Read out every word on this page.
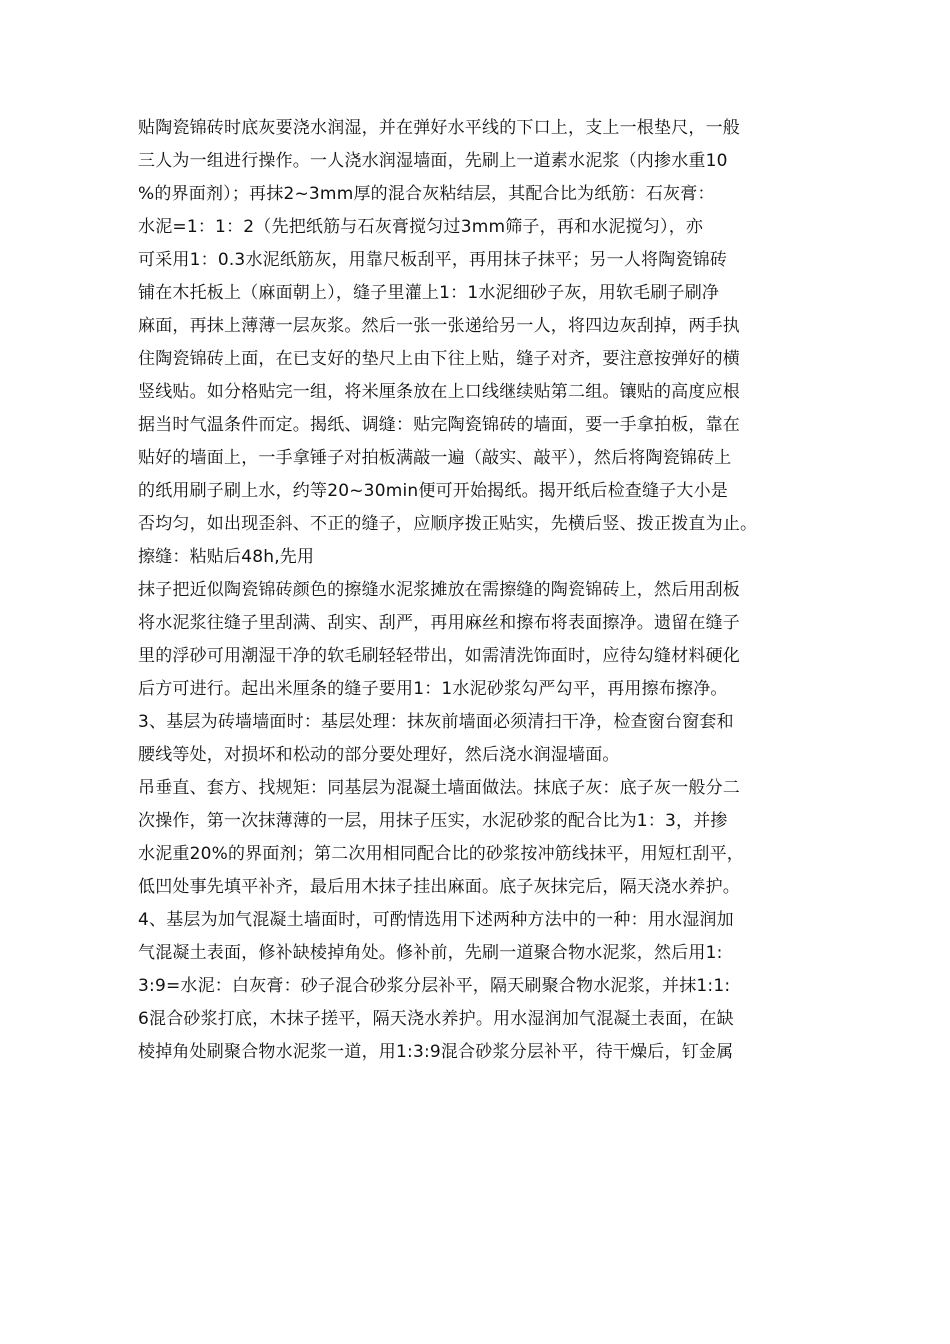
贴陶瓷锦砖时底灰要浇水润湿，并在弹好水平线的下口上，支上一根垫尺，一般
三人为一组进行操作。一人浇水润湿墙面，先刷上一道素水泥浆（内掺水重10
%的界面剂）；再抹2~3mm厚的混合灰粘结层，其配合比为纸筋：石灰膏：
水泥=1：1：2（先把纸筋与石灰膏搅匀过3mm筛子，再和水泥搅匀），亦
可采用1：0.3水泥纸筋灰，用靠尺板刮平，再用抹子抹平；另一人将陶瓷锦砖
铺在木托板上（麻面朝上），缝子里灌上1：1水泥细砂子灰，用软毛刷子刷净
麻面，再抹上薄薄一层灰浆。然后一张一张递给另一人，将四边灰刮掉，两手执
住陶瓷锦砖上面，在已支好的垫尺上由下往上贴，缝子对齐，要注意按弹好的横
竖线贴。如分格贴完一组，将米厘条放在上口线继续贴第二组。镶贴的高度应根
据当时气温条件而定。揭纸、调缝：贴完陶瓷锦砖的墙面，要一手拿拍板，靠在
贴好的墙面上，一手拿锤子对拍板满敲一遍（敲实、敲平），然后将陶瓷锦砖上
的纸用刷子刷上水，约等20~30min便可开始揭纸。揭开纸后检查缝子大小是
否均匀，如出现歪斜、不正的缝子，应顺序拨正贴实，先横后竖、拨正拨直为止。
擦缝：粘贴后48h,先用
抹子把近似陶瓷锦砖颜色的擦缝水泥浆摊放在需擦缝的陶瓷锦砖上，然后用刮板
将水泥浆往缝子里刮满、刮实、刮严，再用麻丝和擦布将表面擦净。遗留在缝子
里的浮砂可用潮湿干净的软毛刷轻轻带出，如需清洗饰面时，应待勾缝材料硬化
后方可进行。起出米厘条的缝子要用1：1水泥砂浆勾严勾平，再用擦布擦净。
3、基层为砖墙墙面时：基层处理：抹灰前墙面必须清扫干净，检查窗台窗套和
腰线等处，对损坏和松动的部分要处理好，然后浇水润湿墙面。
吊垂直、套方、找规矩：同基层为混凝土墙面做法。抹底子灰：底子灰一般分二
次操作，第一次抹薄薄的一层，用抹子压实，水泥砂浆的配合比为1：3，并掺
水泥重20%的界面剂；第二次用相同配合比的砂浆按冲筋线抹平，用短杠刮平，
低凹处事先填平补齐，最后用木抹子挂出麻面。底子灰抹完后，隔天浇水养护。
4、基层为加气混凝土墙面时，可酌情选用下述两种方法中的一种：用水湿润加
气混凝土表面，修补缺棱掉角处。修补前，先刷一道聚合物水泥浆，然后用1:
3:9=水泥：白灰膏：砂子混合砂浆分层补平，隔天刷聚合物水泥浆，并抹1:1:
6混合砂浆打底，木抹子搓平，隔天浇水养护。用水湿润加气混凝土表面，在缺
棱掉角处刷聚合物水泥浆一道，用1:3:9混合砂浆分层补平，待干燥后，钉金属
